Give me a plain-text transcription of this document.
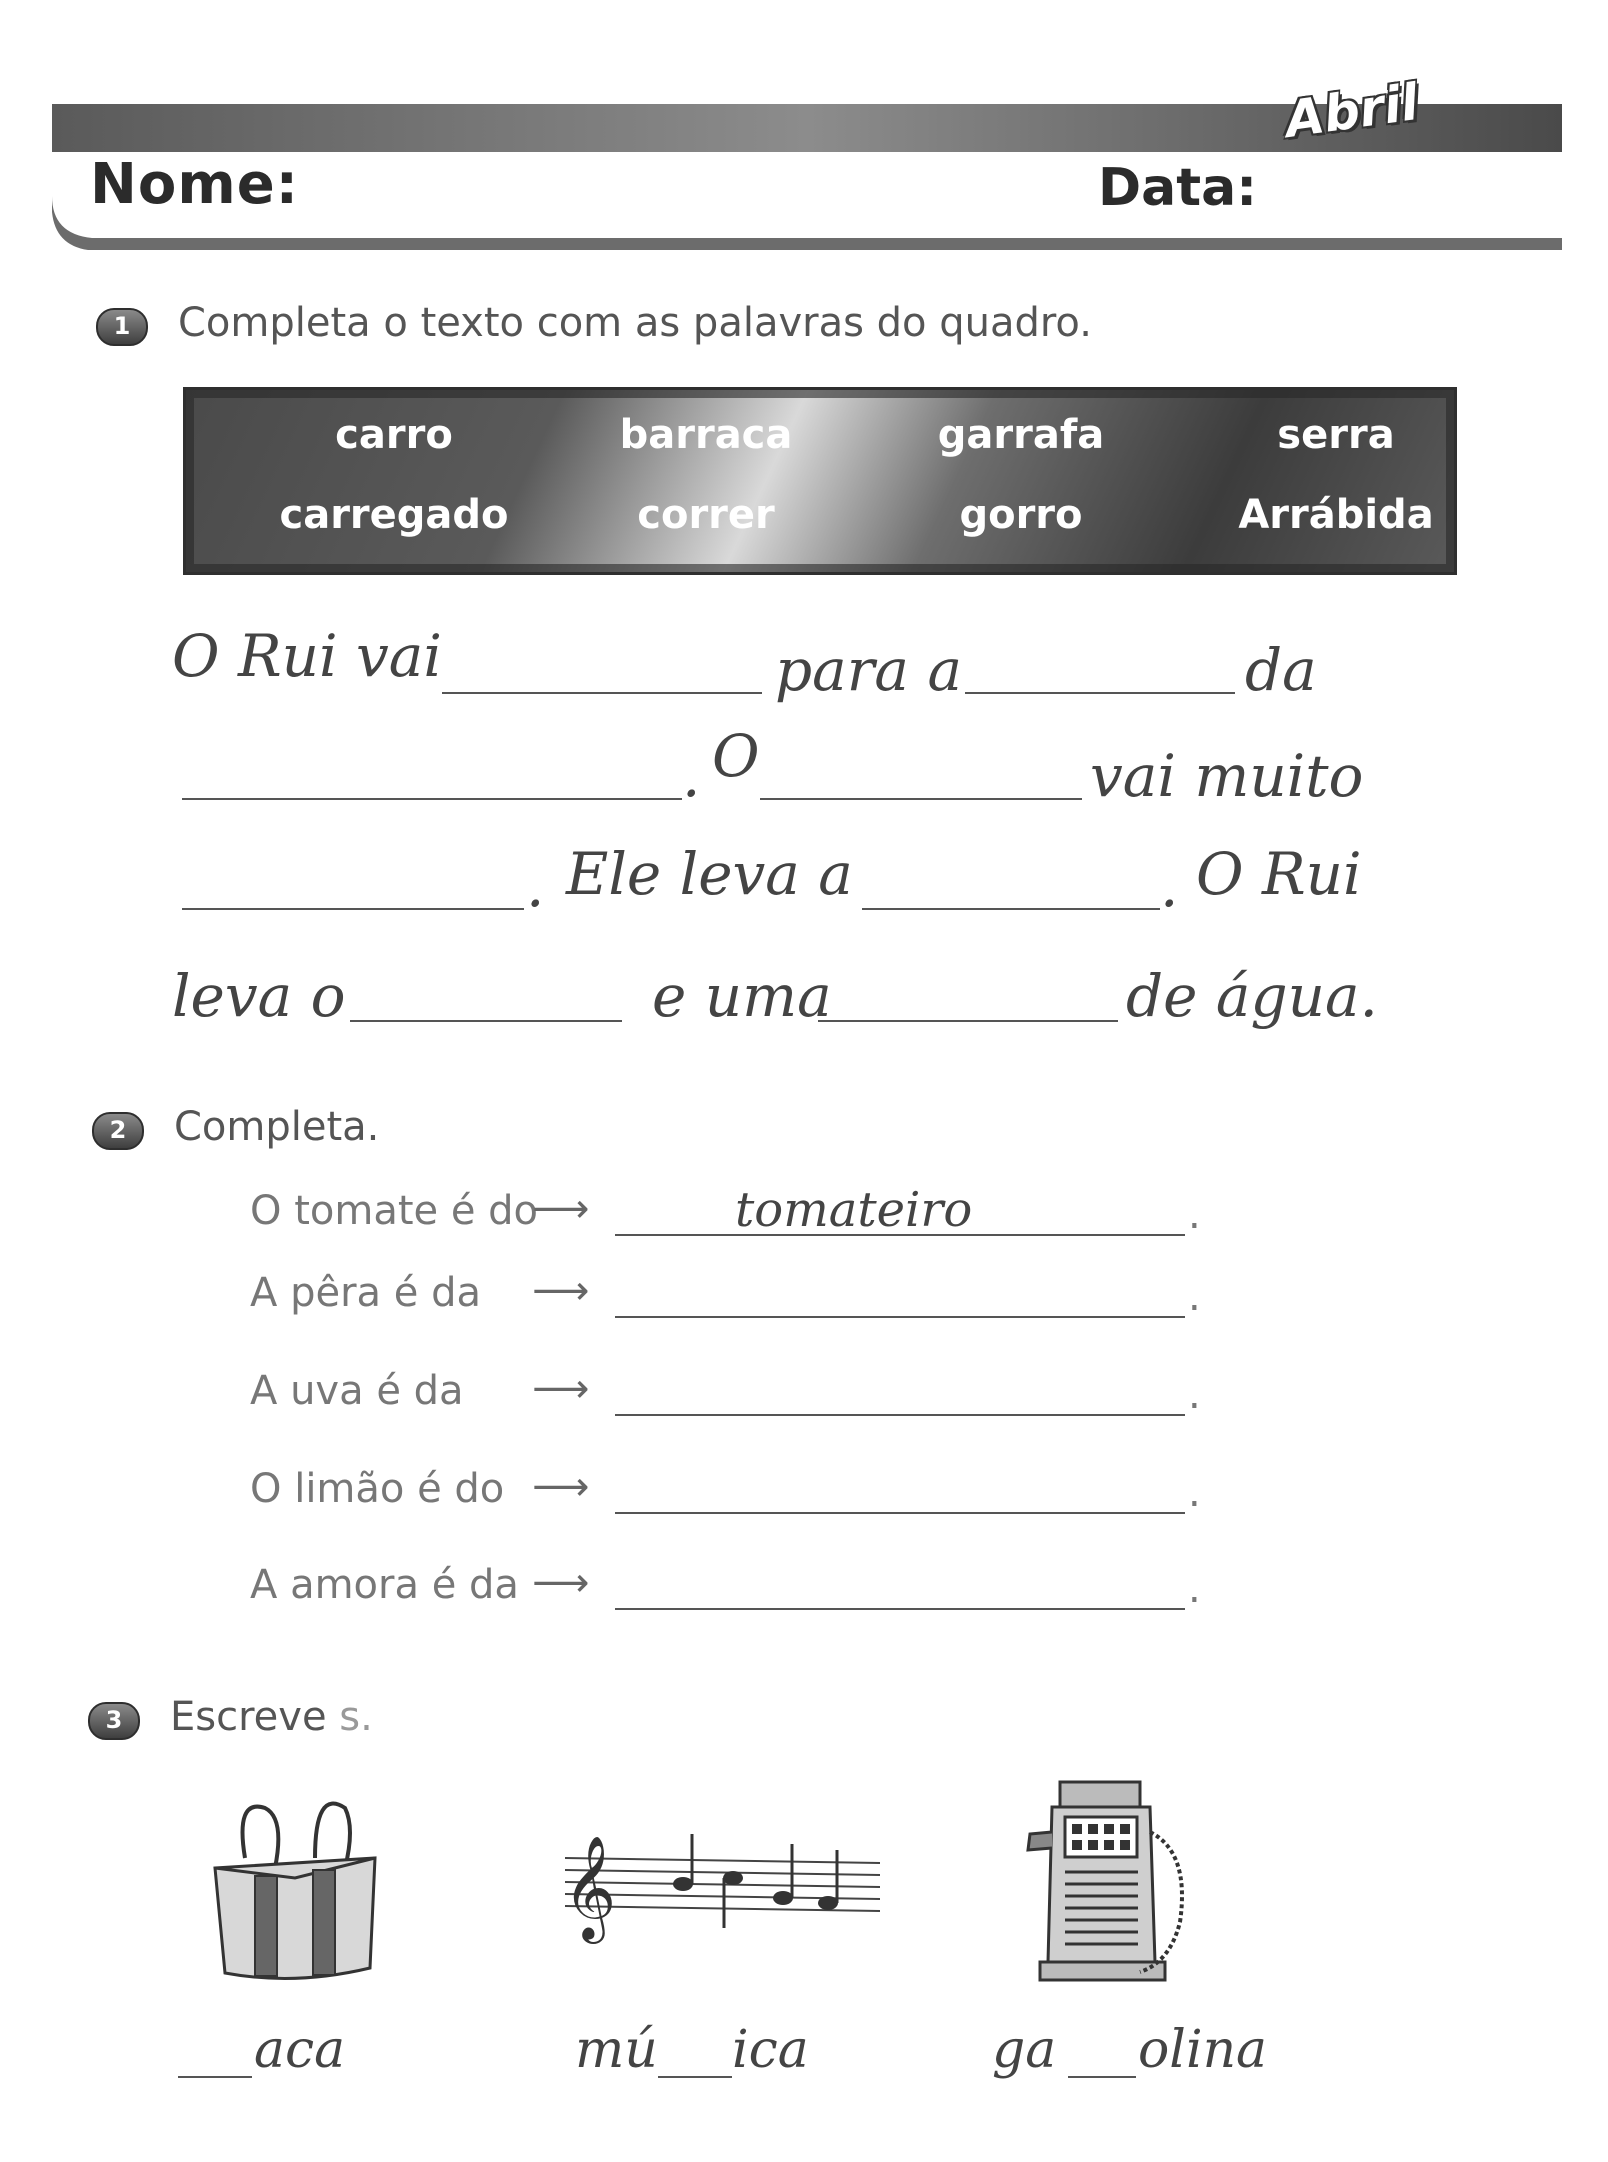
Nome:	Data:
Abril
1	Completa o texto com as palavras do quadro.
carro	barraca	garrafa	serra
carregado	correr	gorro	Arrábida
O Rui vai	para a	da
. O	vai muito
. Ele leva a	. O Rui
leva o	e uma	de água.
2	Completa.
O tomate é do
⟶	tomateiro	.
A pêra é da ⟶	.
A uva é da ⟶	.
O limão é do ⟶	.
A amora é da ⟶	.
3	Escreve s.
𝄞
aca	mú ica	ga olina
